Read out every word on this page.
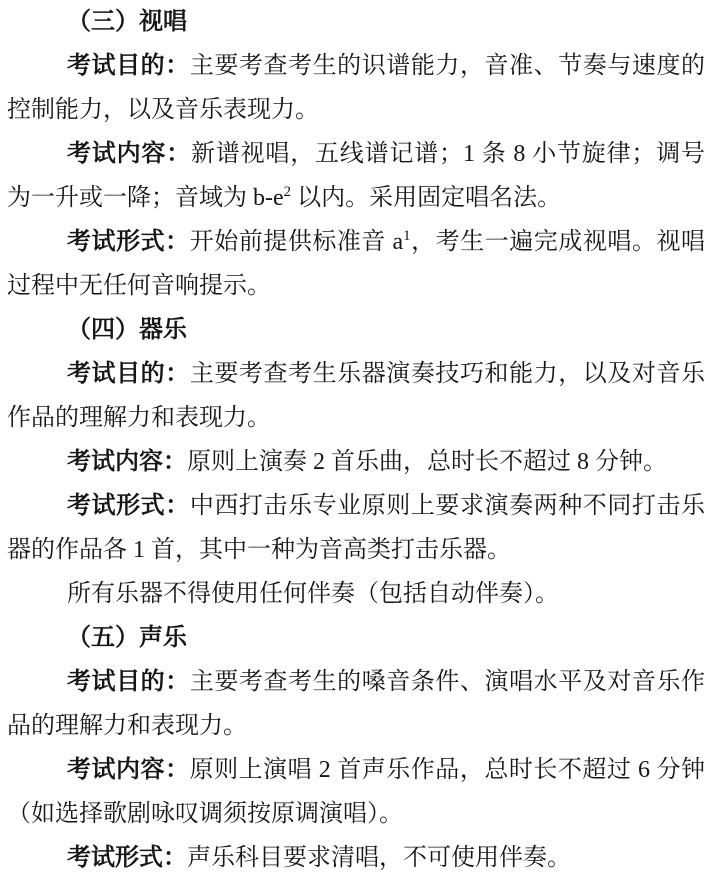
（三）视唱

考试目的：主要考查考生的识谱能力，音准、节奏与速度的控制能力，以及音乐表现力。

考试内容：新谱视唱，五线谱记谱；1 条 8 小节旋律；调号为一升或一降；音域为 $b-e^2$ 以内。采用固定唱名法。

考试形式：开始前提供标准音 $a^1$，考生一遍完成视唱。视唱过程中无任何音响提示。

（四）器乐

考试目的：主要考查考生乐器演奏技巧和能力，以及对音乐作品的理解力和表现力。

考试内容：原则上演奏 2 首乐曲，总时长不超过 8 分钟。

考试形式：中西打击乐专业原则上要求演奏两种不同打击乐器的作品各 1 首，其中一种为音高类打击乐器。

所有乐器不得使用任何伴奏（包括自动伴奏）。

（五）声乐

考试目的：主要考查考生的嗓音条件、演唱水平及对音乐作品的理解力和表现力。

考试内容：原则上演唱 2 首声乐作品，总时长不超过 6 分钟（如选择歌剧咏叹调须按原调演唱）。

考试形式：声乐科目要求清唱，不可使用伴奏。
